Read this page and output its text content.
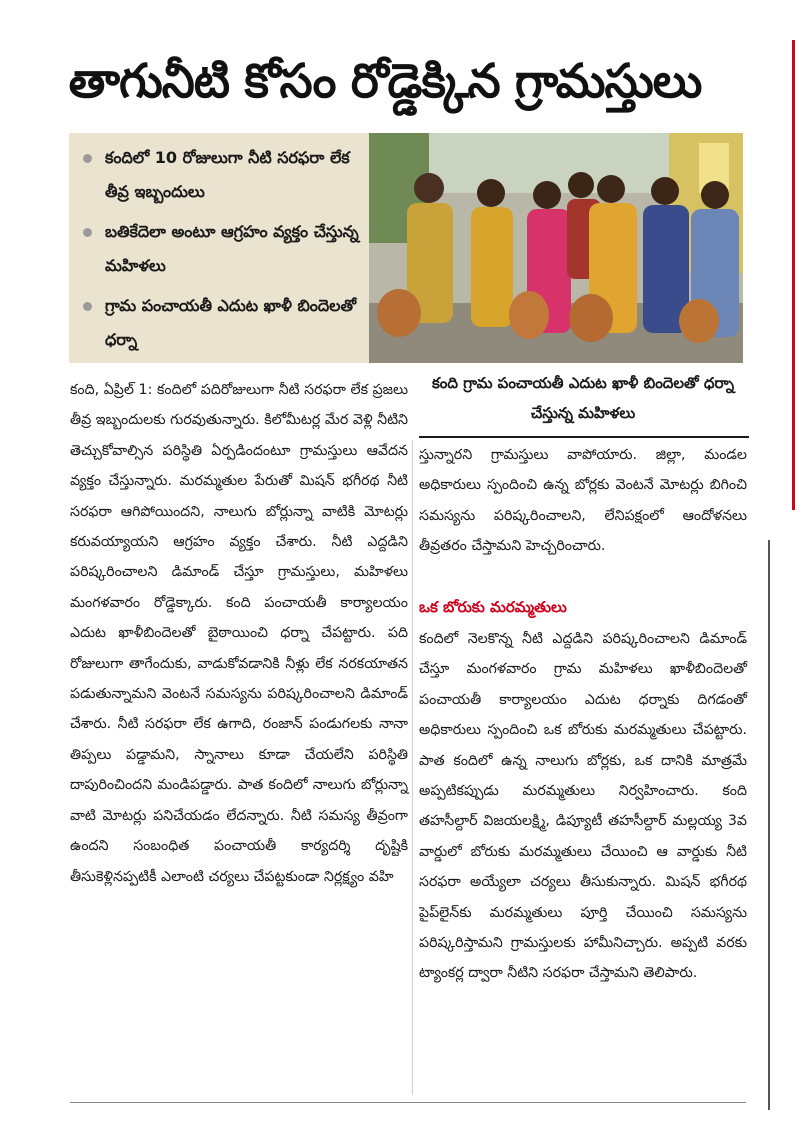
తాగునీటి కోసం రోడ్డెక్కిన గ్రామస్తులు
కందిలో 10 రోజులుగా నీటి సరఫరా లేక తీవ్ర ఇబ్బందులు
బతికేదెలా అంటూ ఆగ్రహం వ్యక్తం చేస్తున్న మహిళలు
గ్రామ పంచాయతీ ఎదుట ఖాళీ బిందెలతో ధర్నా
కంది గ్రామ పంచాయతీ ఎదుట ఖాళీ బిందెలతో ధర్నా చేస్తున్న మహిళలు
కంది, ఏప్రిల్ 1: కందిలో పదిరోజులుగా నీటి సరఫరా లేక ప్రజలు తీవ్ర ఇబ్బందులకు గురవుతున్నారు. కిలోమీటర్ల మేర వెళ్లి నీటిని తెచ్చుకోవాల్సిన పరిస్థితి ఏర్పడిందంటూ గ్రామస్తులు ఆవేదన వ్యక్తం చేస్తున్నారు. మరమ్మతుల పేరుతో మిషన్ భగీరథ నీటి సరఫరా ఆగిపోయిందని, నాలుగు బోర్లున్నా వాటికి మోటర్లు కరువయ్యాయని ఆగ్రహం వ్యక్తం చేశారు. నీటి ఎద్దడిని పరిష్కరించాలని డిమాండ్ చేస్తూ గ్రామస్తులు, మహిళలు మంగళవారం రోడ్డెక్కారు. కంది పంచాయతీ కార్యాలయం ఎదుట ఖాళీబిందెలతో బైఠాయించి ధర్నా చేపట్టారు. పది రోజులుగా తాగేందుకు, వాడుకోవడానికి నీళ్లు లేక నరకయాతన పడుతున్నామని వెంటనే సమస్యను పరిష్కరించాలని డిమాండ్ చేశారు. నీటి సరఫరా లేక ఉగాది, రంజాన్ పండుగలకు నానా తిప్పలు పడ్డామని, స్నానాలు కూడా చేయలేని పరిస్థితి దాపురించిందని మండిపడ్డారు. పాత కందిలో నాలుగు బోర్లున్నా వాటి మోటర్లు పనిచేయడం లేదన్నారు. నీటి సమస్య తీవ్రంగా ఉందని సంబంధిత పంచాయతీ కార్యదర్శి దృష్టికి తీసుకెళ్లినప్పటికీ ఎలాంటి చర్యలు చేపట్టకుండా నిర్లక్ష్యం వహి
స్తున్నారని గ్రామస్తులు వాపోయారు. జిల్లా, మండల అధికారులు స్పందించి ఉన్న బోర్లకు వెంటనే మోటర్లు బిగించి సమస్యను పరిష్కరించాలని, లేనిపక్షంలో ఆందోళనలు తీవ్రతరం చేస్తామని హెచ్చరించారు.
ఒక బోరుకు మరమ్మతులు
కందిలో నెలకొన్న నీటి ఎద్దడిని పరిష్కరించాలని డిమాండ్ చేస్తూ మంగళవారం గ్రామ మహిళలు ఖాళీబిందెలతో పంచాయతీ కార్యాలయం ఎదుట ధర్నాకు దిగడంతో అధికారులు స్పందించి ఒక బోరుకు మరమ్మతులు చేపట్టారు. పాత కందిలో ఉన్న నాలుగు బోర్లకు, ఒక దానికి మాత్రమే అప్పటికప్పుడు మరమ్మతులు నిర్వహించారు. కంది తహసీల్దార్ విజయలక్ష్మి, డిప్యూటీ తహసీల్దార్ మల్లయ్య 3వ వార్డులో బోరుకు మరమ్మతులు చేయించి ఆ వార్డుకు నీటి సరఫరా అయ్యేలా చర్యలు తీసుకున్నారు. మిషన్ భగీరథ పైప్‌లైన్‌కు మరమ్మతులు పూర్తి చేయించి సమస్యను పరిష్కరిస్తామని గ్రామస్తులకు హామీనిచ్చారు. అప్పటి వరకు ట్యాంకర్ల ద్వారా నీటిని సరఫరా చేస్తామని తెలిపారు.
